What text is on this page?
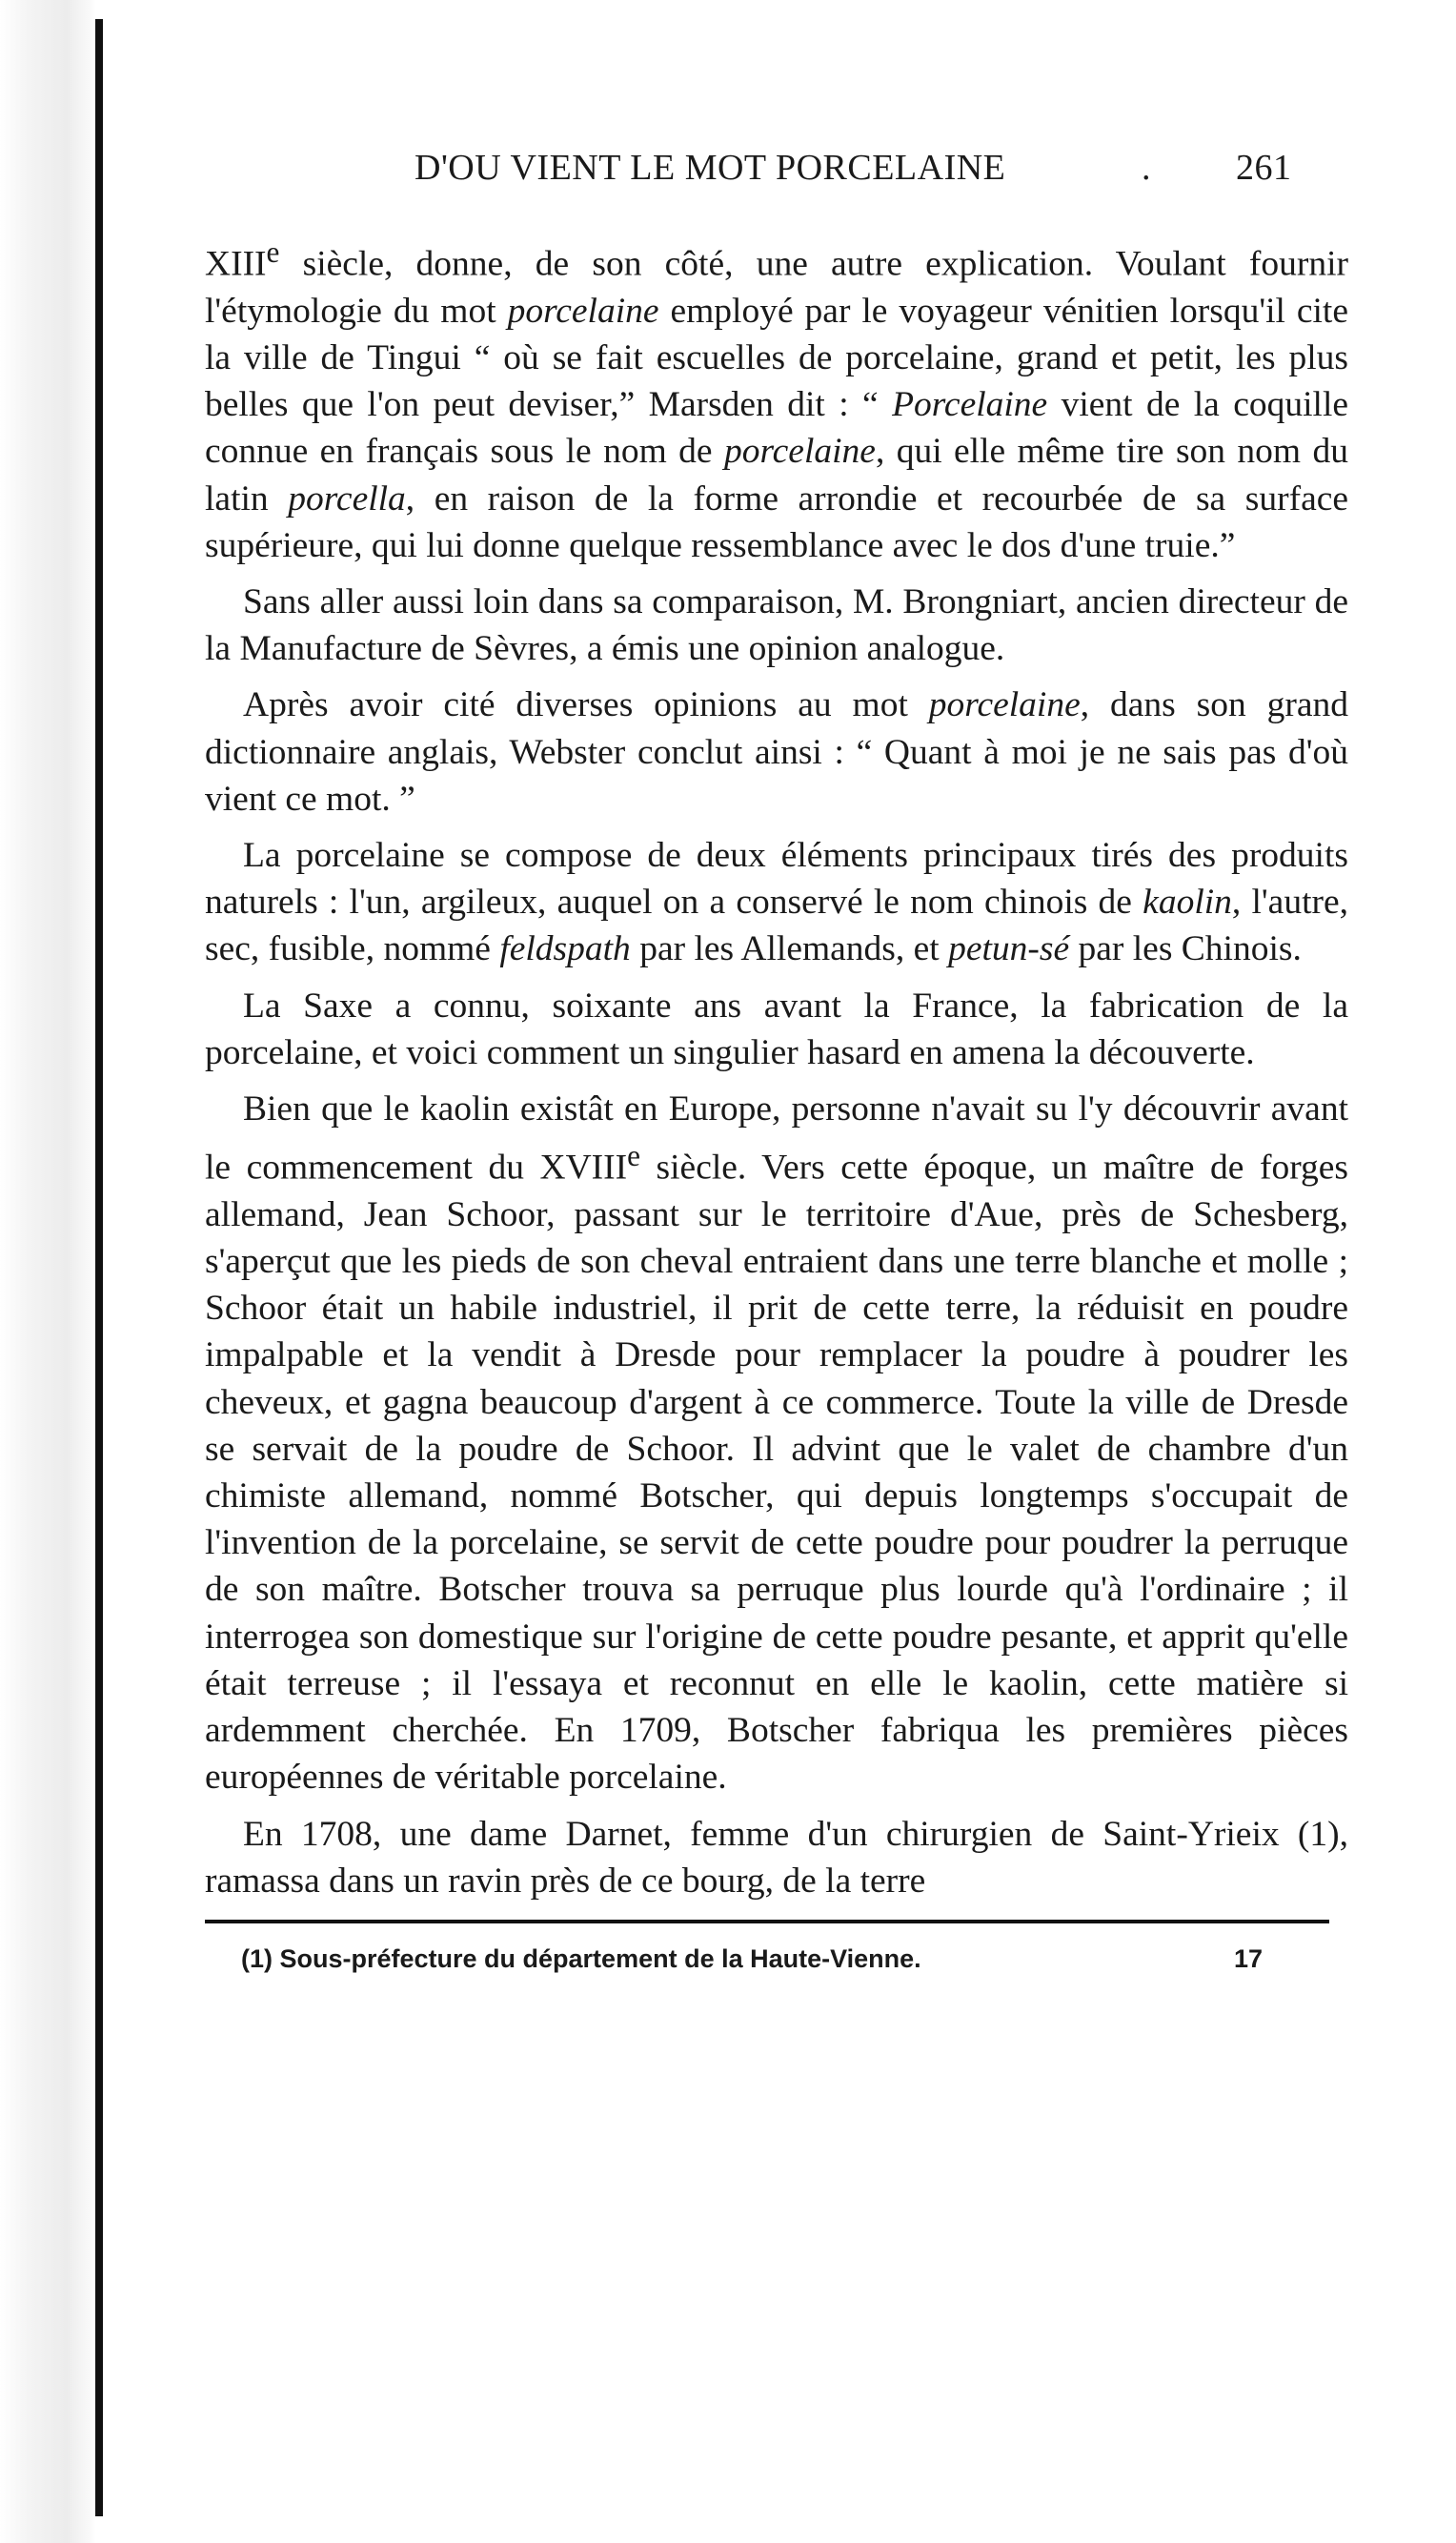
D'OU VIENT LE MOT PORCELAINE	. 261

XIIIe siècle, donne, de son côté, une autre explication. Voulant fournir l'étymologie du mot porcelaine employé par le voyageur vénitien lorsqu'il cite la ville de Tingui “ où se fait escuelles de porcelaine, grand et petit, les plus belles que l'on peut deviser,” Marsden dit : “ Porcelaine vient de la coquille connue en français sous le nom de porcelaine, qui elle même tire son nom du latin porcella, en raison de la forme arrondie et recourbée de sa surface supérieure, qui lui donne quelque ressemblance avec le dos d'une truie.”

Sans aller aussi loin dans sa comparaison, M. Brongniart, ancien directeur de la Manufacture de Sèvres, a émis une opinion analogue.

Après avoir cité diverses opinions au mot porcelaine, dans son grand dictionnaire anglais, Webster conclut ainsi : “ Quant à moi je ne sais pas d'où vient ce mot. ”

La porcelaine se compose de deux éléments principaux tirés des produits naturels : l'un, argileux, auquel on a conservé le nom chinois de kaolin, l'autre, sec, fusible, nommé feldspath par les Allemands, et petun-sé par les Chinois.

La Saxe a connu, soixante ans avant la France, la fabrication de la porcelaine, et voici comment un singulier hasard en amena la découverte.

Bien que le kaolin existât en Europe, personne n'avait su l'y découvrir avant le commencement du XVIIIe siècle. Vers cette époque, un maître de forges allemand, Jean Schoor, passant sur le territoire d'Aue, près de Schesberg, s'aperçut que les pieds de son cheval entraient dans une terre blanche et molle ; Schoor était un habile industriel, il prit de cette terre, la réduisit en poudre impalpable et la vendit à Dresde pour remplacer la poudre à poudrer les cheveux, et gagna beaucoup d'argent à ce commerce. Toute la ville de Dresde se servait de la poudre de Schoor. Il advint que le valet de chambre d'un chimiste allemand, nommé Botscher, qui depuis longtemps s'occupait de l'invention de la porcelaine, se servit de cette poudre pour poudrer la perruque de son maître. Botscher trouva sa perruque plus lourde qu'à l'ordinaire ; il interrogea son domestique sur l'origine de cette poudre pesante, et apprit qu'elle était terreuse ; il l'essaya et reconnut en elle le kaolin, cette matière si ardemment cherchée. En 1709, Botscher fabriqua les premières pièces européennes de véritable porcelaine.

En 1708, une dame Darnet, femme d'un chirurgien de Saint-Yrieix (1), ramassa dans un ravin près de ce bourg, de la terre

(1) Sous-préfecture du département de la Haute-Vienne.	17
